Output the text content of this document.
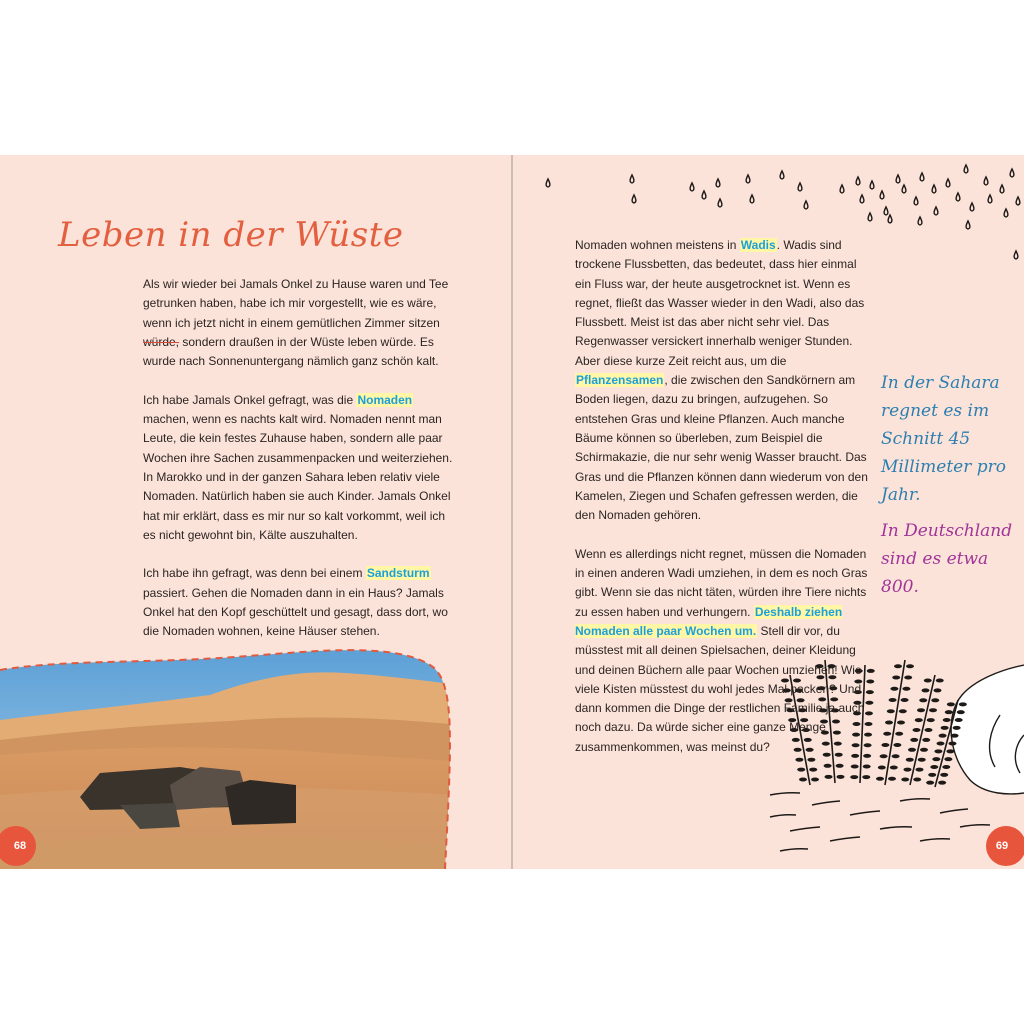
Leben in der Wüste

Als wir wieder bei Jamals Onkel zu Hause waren und Tee getrunken haben, habe ich mir vorgestellt, wie es wäre, wenn ich jetzt nicht in einem gemütlichen Zimmer sitzen würde, sondern draußen in der Wüste leben würde. Es wurde nach Sonnenuntergang nämlich ganz schön kalt.

Ich habe Jamals Onkel gefragt, was die Nomaden machen, wenn es nachts kalt wird. Nomaden nennt man Leute, die kein festes Zuhause haben, sondern alle paar Wochen ihre Sachen zusammenpacken und weiterziehen. In Marokko und in der ganzen Sahara leben relativ viele Nomaden. Natürlich haben sie auch Kinder. Jamals Onkel hat mir erklärt, dass es mir nur so kalt vorkommt, weil ich es nicht gewohnt bin, Kälte auszuhalten.

Ich habe ihn gefragt, was denn bei einem Sandsturm passiert. Gehen die Nomaden dann in ein Haus? Jamals Onkel hat den Kopf geschüttelt und gesagt, dass dort, wo die Nomaden wohnen, keine Häuser stehen.

Nomaden wohnen meistens in Wadis. Wadis sind trockene Flussbetten, das bedeutet, dass hier einmal ein Fluss war, der heute ausgetrocknet ist. Wenn es regnet, fließt das Wasser wieder in den Wadi, also das Flussbett. Meist ist das aber nicht sehr viel. Das Regenwasser versickert innerhalb weniger Stunden. Aber diese kurze Zeit reicht aus, um die Pflanzensamen, die zwischen den Sandkörnern am Boden liegen, dazu zu bringen, aufzugehen. So entstehen Gras und kleine Pflanzen. Auch manche Bäume können so überleben, zum Beispiel die Schirmakazie, die nur sehr wenig Wasser braucht. Das Gras und die Pflanzen können dann wiederum von den Kamelen, Ziegen und Schafen gefressen werden, die den Nomaden gehören.

Wenn es allerdings nicht regnet, müssen die Nomaden in einen anderen Wadi umziehen, in dem es noch Gras gibt. Wenn sie das nicht täten, würden ihre Tiere nichts zu essen haben und verhungern. Deshalb ziehen Nomaden alle paar Wochen um. Stell dir vor, du müsstest mit all deinen Spielsachen, deiner Kleidung und deinen Büchern alle paar Wochen umziehen! Wie viele Kisten müsstest du wohl jedes Mal packen? Und dann kommen die Dinge der restlichen Familie ja auch noch dazu. Da würde sicher eine ganze Menge zusammenkommen, was meinst du?

In der Sahara regnet es im Schnitt 45 Millimeter pro Jahr.
In Deutschland sind es etwa 800.
68	69
